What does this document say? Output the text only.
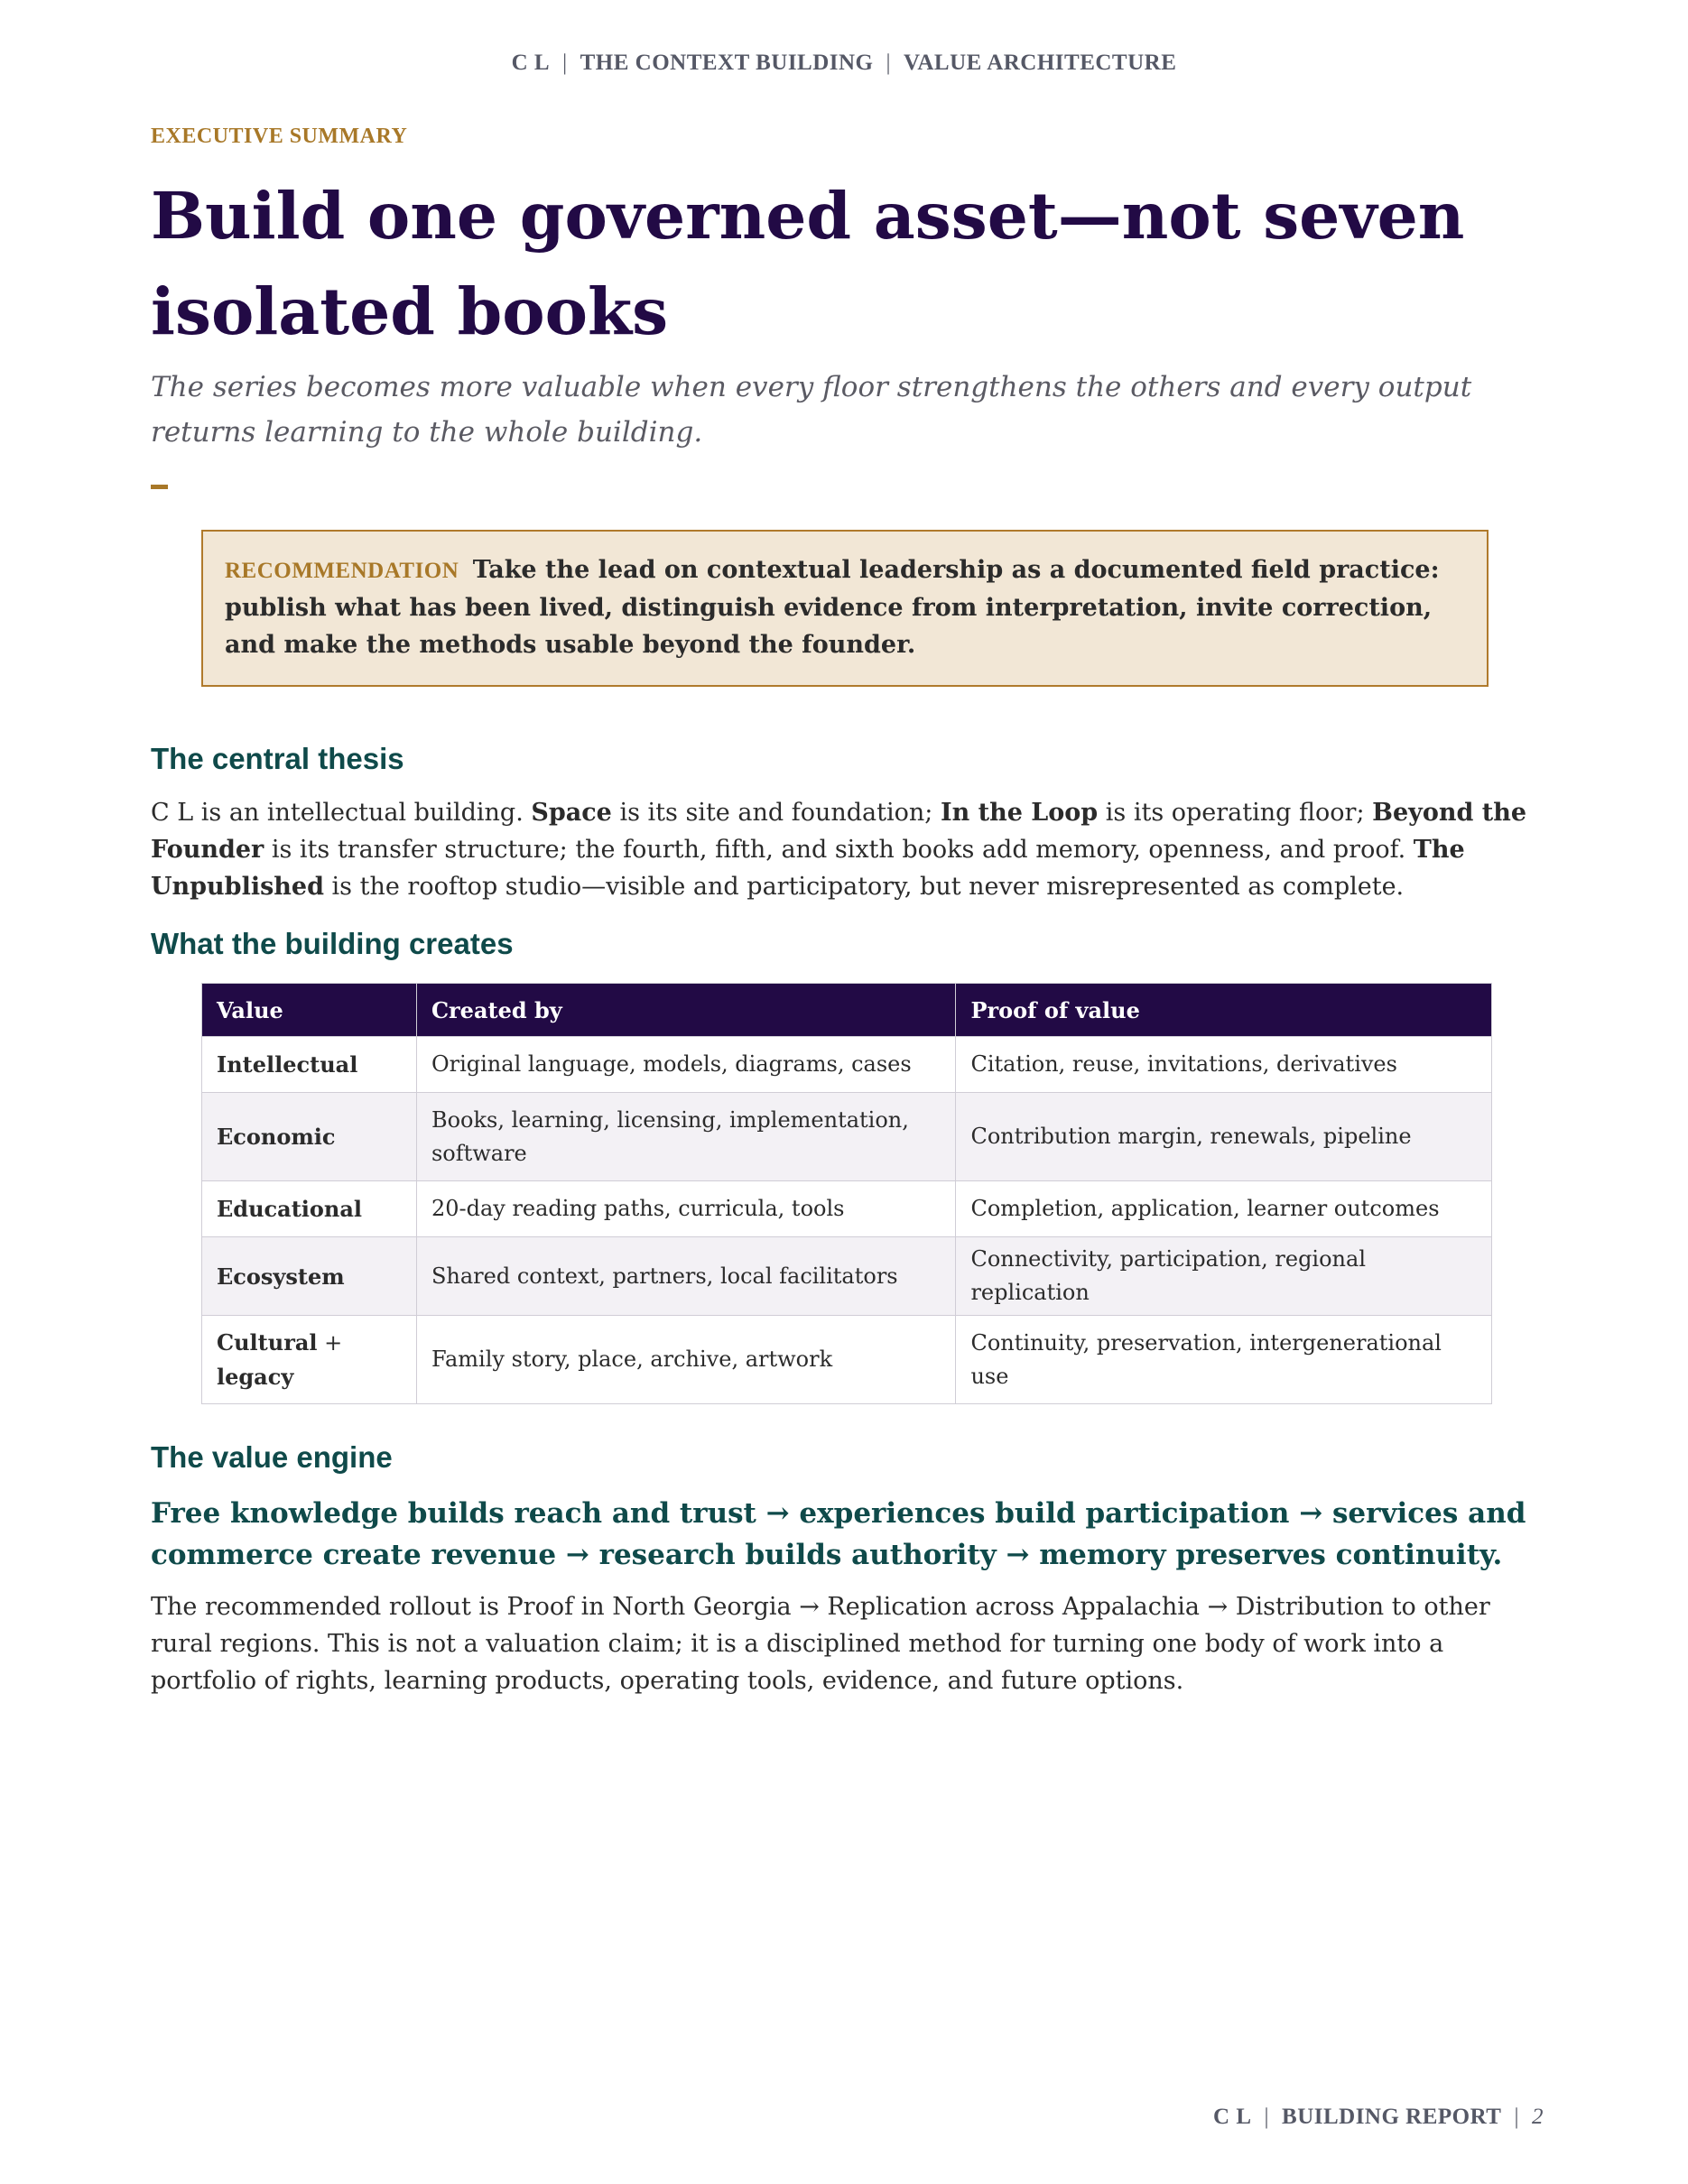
C L | THE CONTEXT BUILDING | VALUE ARCHITECTURE
EXECUTIVE SUMMARY
Build one governed asset—not seven isolated books

The series becomes more valuable when every floor strengthens the others and every output returns learning to the whole building.

RECOMMENDATION Take the lead on contextual leadership as a documented field practice: publish what has been lived, distinguish evidence from interpretation, invite correction, and make the methods usable beyond the founder.

The central thesis

C L is an intellectual building. Space is its site and foundation; In the Loop is its operating floor; Beyond the Founder is its transfer structure; the fourth, fifth, and sixth books add memory, openness, and proof. The Unpublished is the rooftop studio—visible and participatory, but never misrepresented as complete.

What the building creates
Value	Created by	Proof of value
Intellectual	Original language, models, diagrams, cases	Citation, reuse, invitations, derivatives
Economic	Books, learning, licensing, implementation, software	Contribution margin, renewals, pipeline
Educational	20-day reading paths, curricula, tools	Completion, application, learner outcomes
Ecosystem	Shared context, partners, local facilitators	Connectivity, participation, regional replication
Cultural +
legacy	Family story, place, archive, artwork	Continuity, preservation, intergenerational use
The value engine

Free knowledge builds reach and trust → experiences build participation → services and commerce create revenue → research builds authority → memory preserves continuity.

The recommended rollout is Proof in North Georgia → Replication across Appalachia → Distribution to other rural regions. This is not a valuation claim; it is a disciplined method for turning one body of work into a portfolio of rights, learning products, operating tools, evidence, and future options.

C L | BUILDING REPORT | 2
